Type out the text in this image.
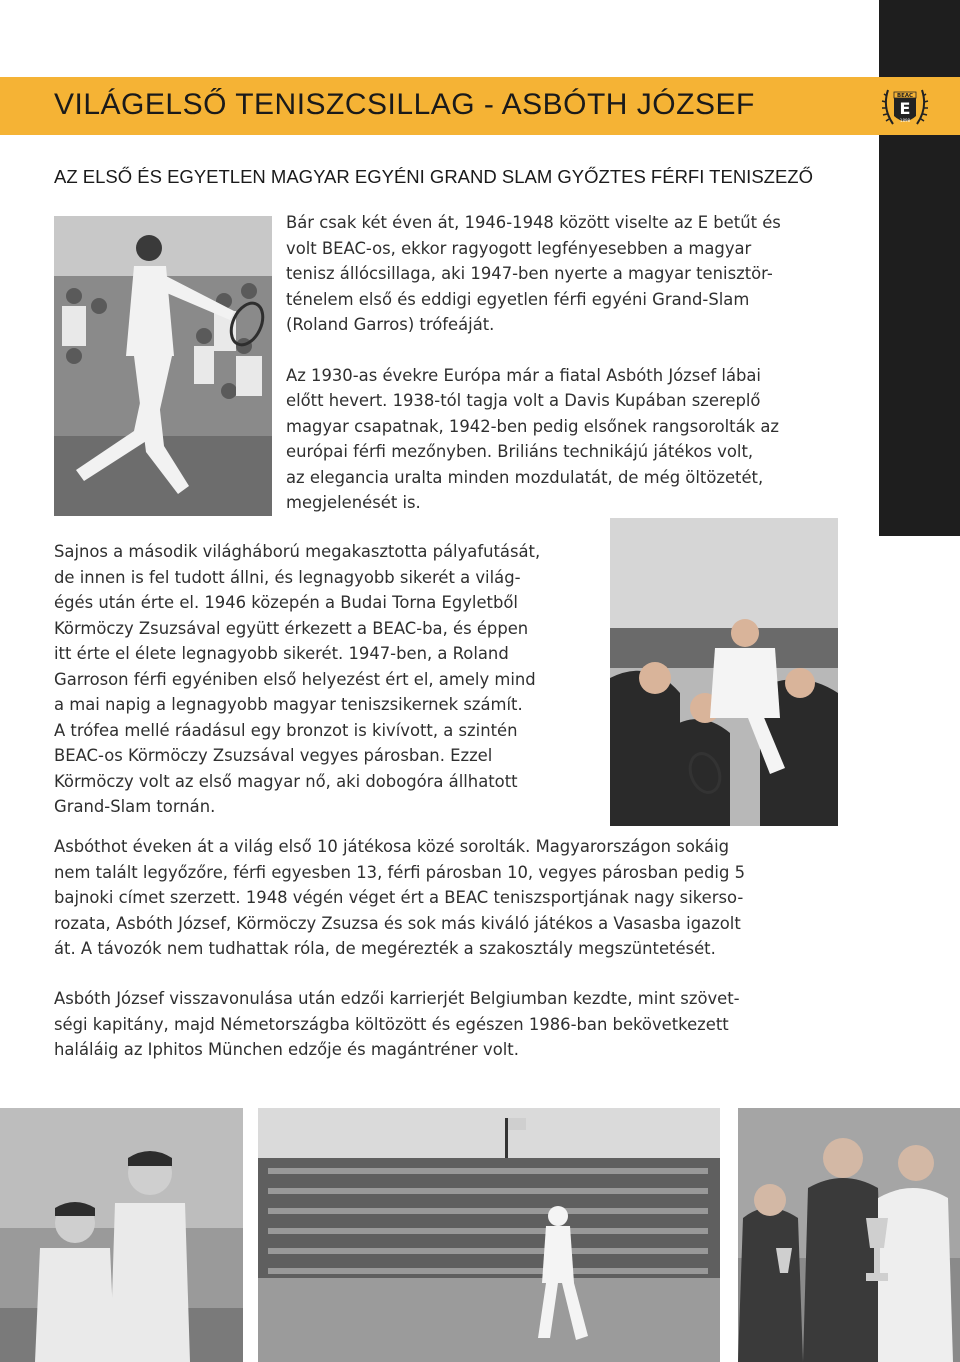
VILÁGELSŐ TENISZCSILLAG - ASBÓTH JÓZSEF	BEAC
E
1898
AZ ELSŐ ÉS EGYETLEN MAGYAR EGYÉNI GRAND SLAM GYŐZTES FÉRFI TENISZEZŐ

Bár csak két éven át, 1946-1948 között viselte az E betűt és
volt BEAC-os, ekkor ragyogott legfényesebben a magyar
tenisz állócsillaga, aki 1947-ben nyerte a magyar tenisztör-
ténelem első és eddigi egyetlen férfi egyéni Grand-Slam
(Roland Garros) trófeáját.

Az 1930-as évekre Európa már a fiatal Asbóth József lábai
előtt hevert. 1938-tól tagja volt a Davis Kupában szereplő
magyar csapatnak, 1942-ben pedig elsőnek rangsorolták az
európai férfi mezőnyben. Briliáns technikájú játékos volt,
az elegancia uralta minden mozdulatát, de még öltözetét,
megjelenését is.

Sajnos a második világháború megakasztotta pályafutását,
de innen is fel tudott állni, és legnagyobb sikerét a világ-
égés után érte el. 1946 közepén a Budai Torna Egyletből
Körmöczy Zsuzsával együtt érkezett a BEAC-ba, és éppen
itt érte el élete legnagyobb sikerét. 1947-ben, a Roland
Garroson férfi egyéniben első helyezést ért el, amely mind
a mai napig a legnagyobb magyar teniszsikernek számít.
A trófea mellé ráadásul egy bronzot is kivívott, a szintén
BEAC-os Körmöczy Zsuzsával vegyes párosban. Ezzel
Körmöczy volt az első magyar nő, aki dobogóra állhatott
Grand-Slam tornán.

Asbóthot éveken át a világ első 10 játékosa közé sorolták. Magyarországon sokáig
nem talált legyőzőre, férfi egyesben 13, férfi párosban 10, vegyes párosban pedig 5
bajnoki címet szerzett. 1948 végén véget ért a BEAC teniszsportjának nagy sikerso-
rozata, Asbóth József, Körmöczy Zsuzsa és sok más kiváló játékos a Vasasba igazolt
át. A távozók nem tudhattak róla, de megérezték a szakosztály megszüntetését.

Asbóth József visszavonulása után edzői karrierjét Belgiumban kezdte, mint szövet-
ségi kapitány, majd Németországba költözött és egészen 1986-ban bekövetkezett
haláláig az Iphitos München edzője és magántréner volt.
